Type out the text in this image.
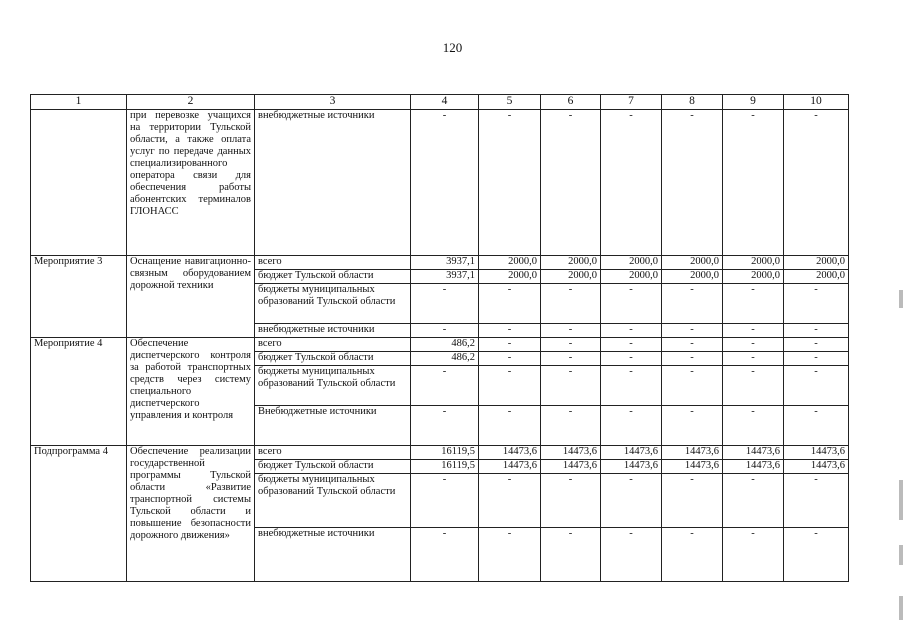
120
1	2	3	4	5	6	7	8	9	10
	при перевозке учащихся на территории Тульской области, а также оплата услуг по передаче данных специализированного оператора связи для обеспечения работы абонентских терминалов ГЛОНАСС	внебюджетные источники	-	-	-	-	-	-	-
Мероприятие 3	Оснащение навигационно-связным оборудованием дорожной техники	всего	3937,1	2000,0	2000,0	2000,0	2000,0	2000,0	2000,0
		бюджет Тульской области	3937,1	2000,0	2000,0	2000,0	2000,0	2000,0	2000,0
		бюджеты муниципальных образований Тульской области	-	-	-	-	-	-	-
		внебюджетные источники	-	-	-	-	-	-	-
Мероприятие 4	Обеспечение диспетчерского контроля за работой транспортных средств через систему специального диспетчерского управления и контроля	всего	486,2	-	-	-	-	-	-
		бюджет Тульской области	486,2	-	-	-	-	-	-
		бюджеты муниципальных образований Тульской области	-	-	-	-	-	-	-
		Внебюджетные источники	-	-	-	-	-	-	-
Подпрограмма 4	Обеспечение реализации государственной программы Тульской области «Развитие транспортной системы Тульской области и повышение безопасности дорожного движения»	всего	16119,5	14473,6	14473,6	14473,6	14473,6	14473,6	14473,6
		бюджет Тульской области	16119,5	14473,6	14473,6	14473,6	14473,6	14473,6	14473,6
		бюджеты муниципальных образований Тульской области	-	-	-	-	-	-	-
		внебюджетные источники	-	-	-	-	-	-	-
